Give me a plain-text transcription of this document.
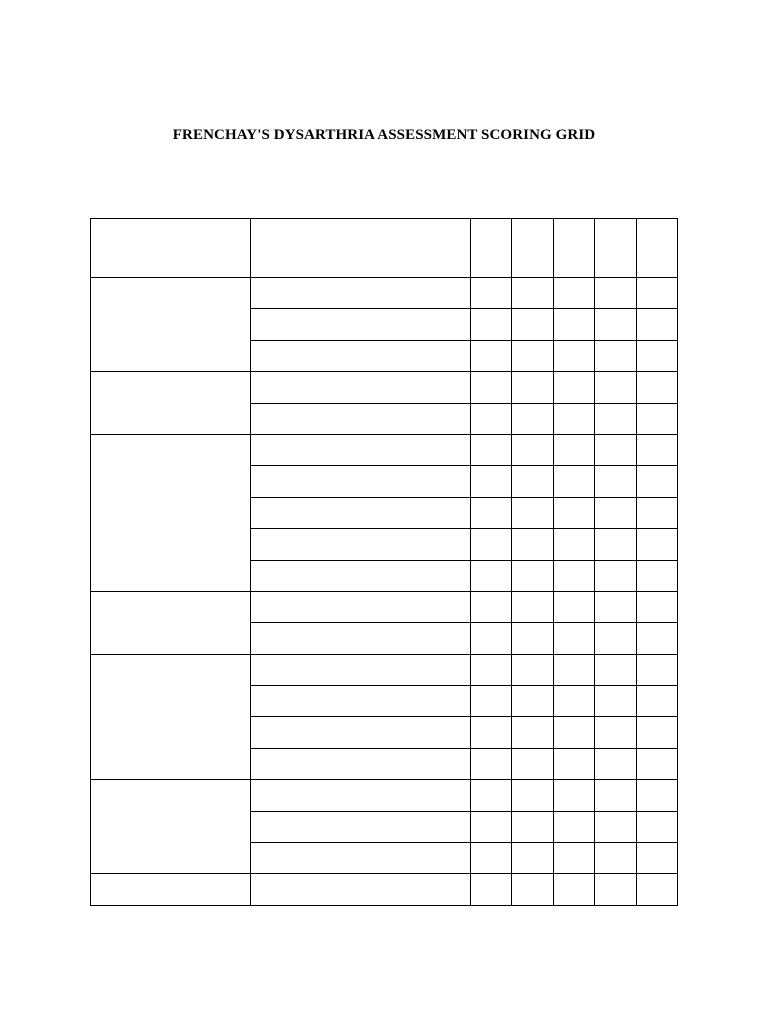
FRENCHAY'S DYSARTHRIA ASSESSMENT SCORING GRID
